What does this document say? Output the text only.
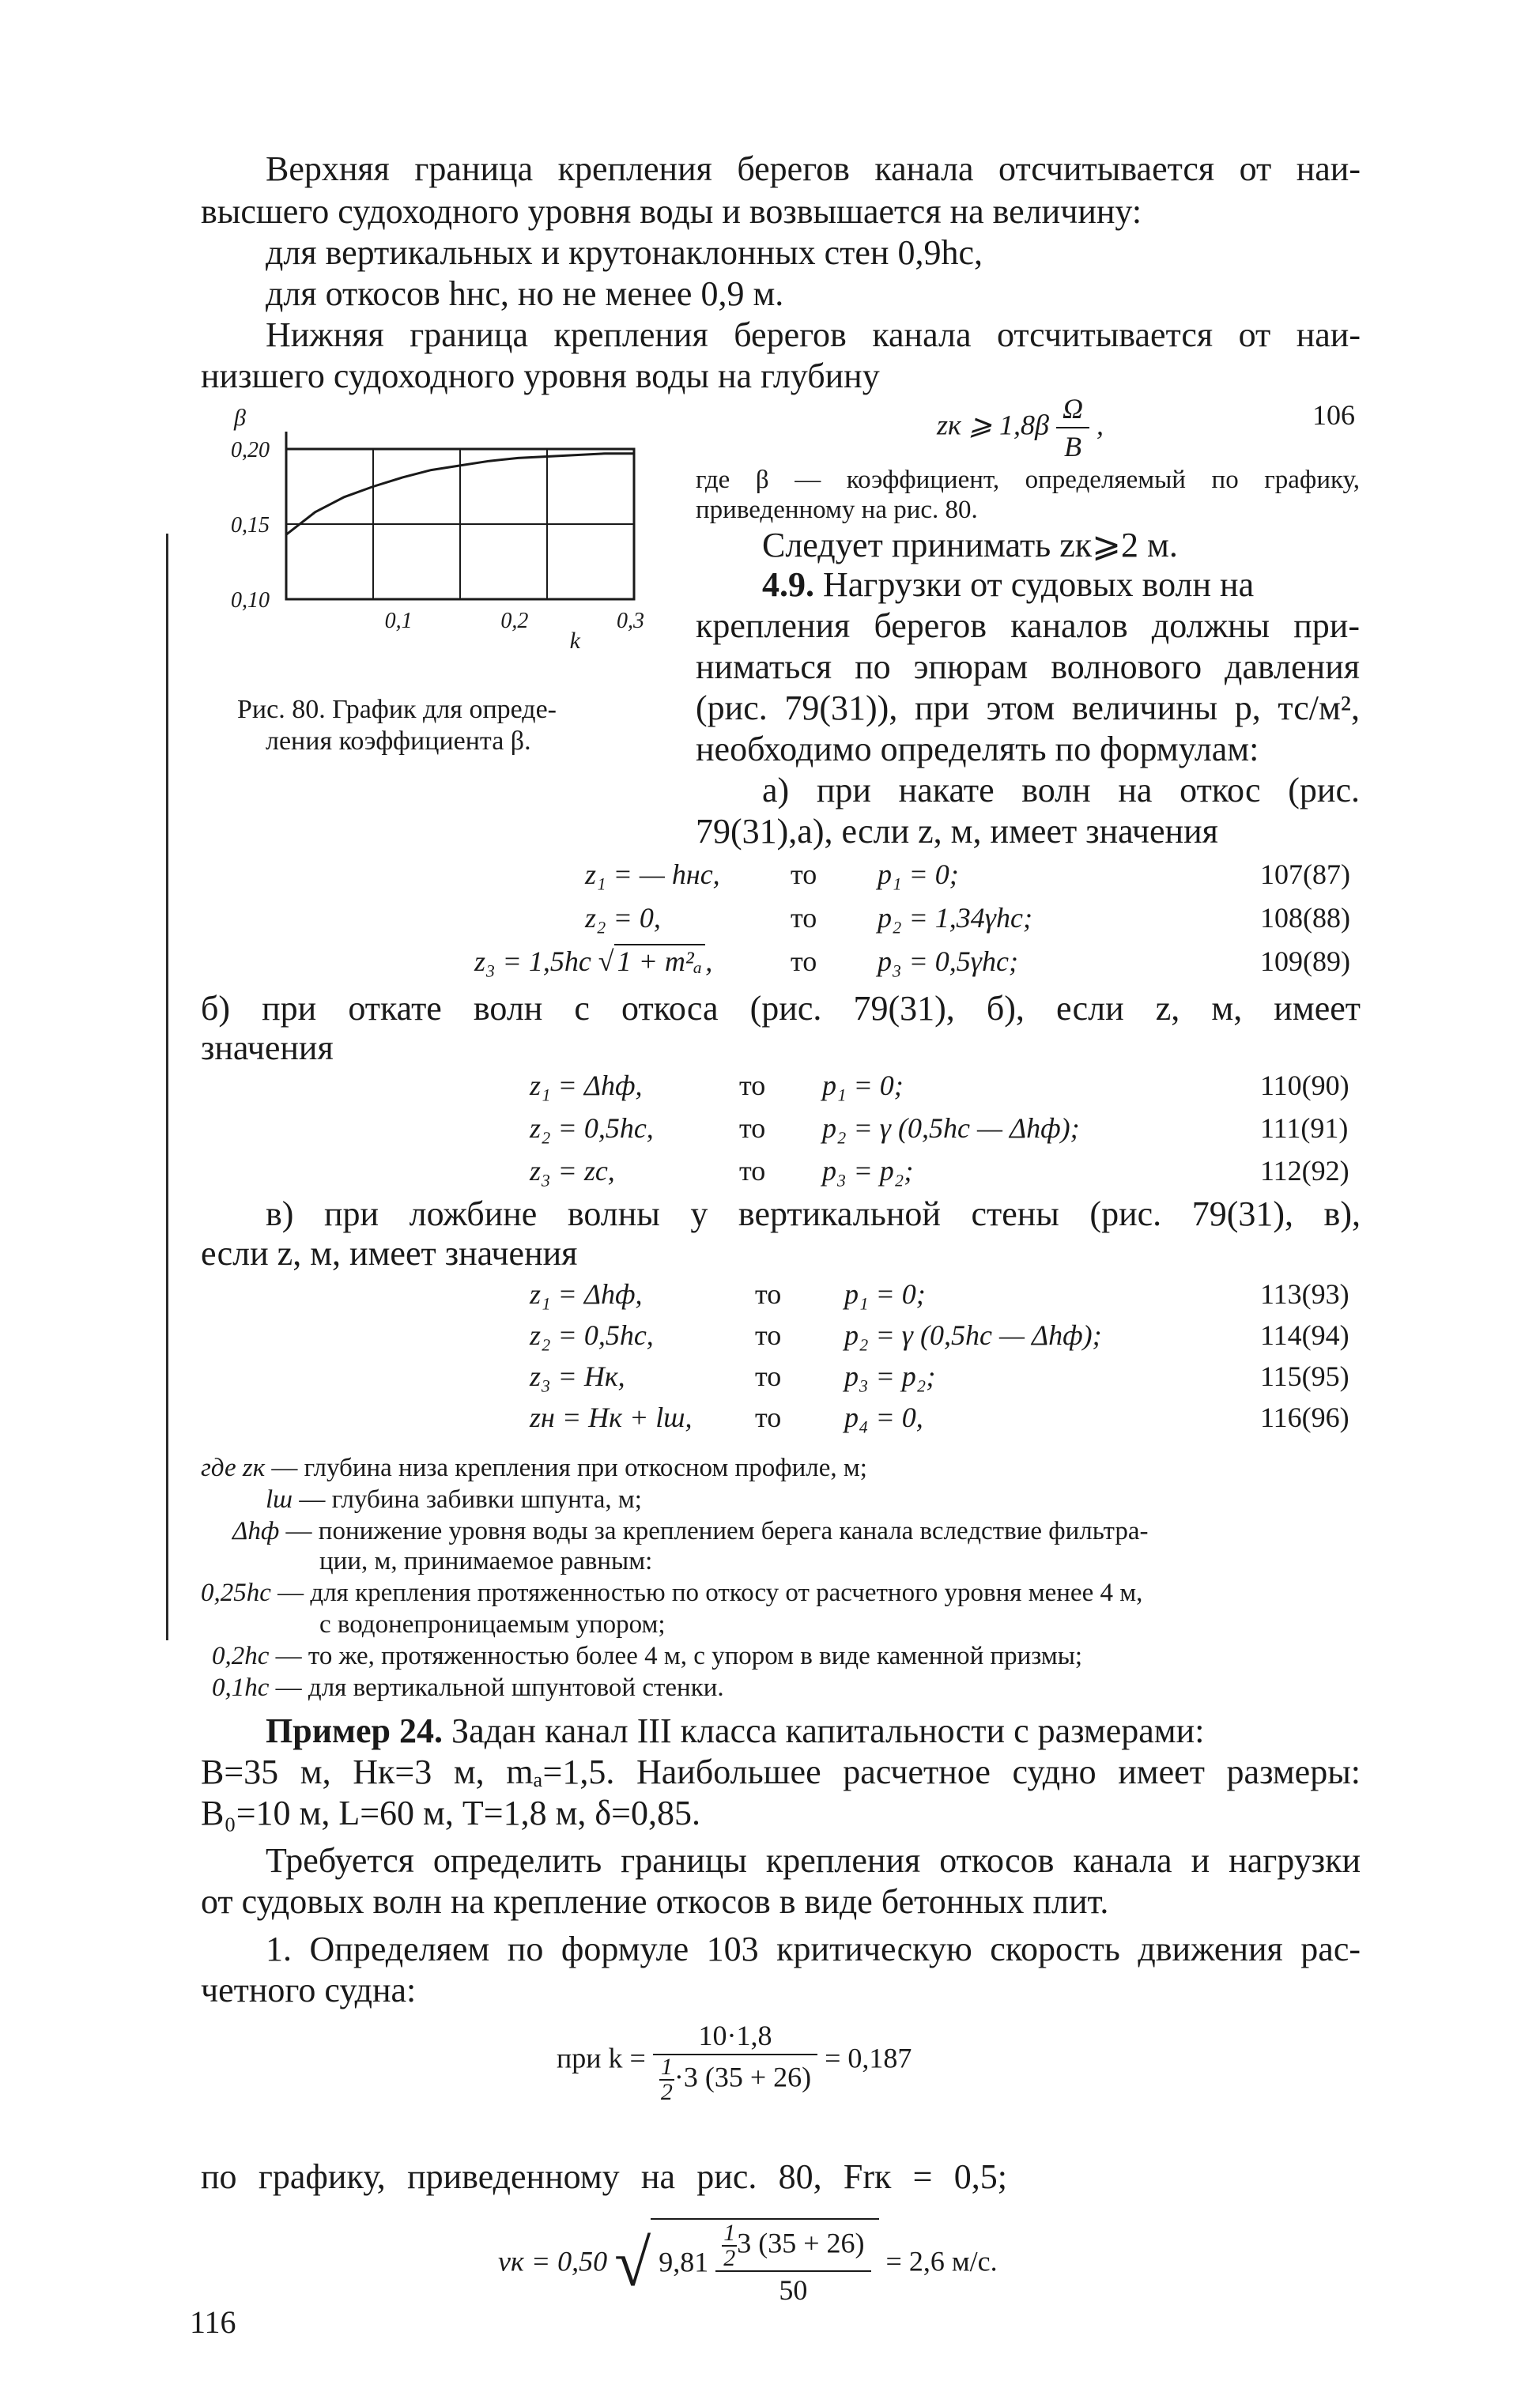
Верхняя граница крепления берегов канала отсчитывается от наи-

высшего судоходного уровня воды и возвышается на величину:

для вертикальных и крутонаклонных стен 0,9hс,

для откосов hнс, но не менее 0,9 м.

Нижняя граница крепления берегов канала отсчитывается от наи-

низшего судоходного уровня воды на глубину

0,20
0,15
0,10
β
0,1	0,2	0,3
k

Рис. 80. График для опреде-

ления коэффициента β.

zк ⩾ $1,8\beta \frac{\Omega}{B}$ ,	106

где β — коэффициент, определяемый по графику,

приведенному на рис. 80.

Следует принимать zк⩾2 м.

4.9. Нагрузки от судовых волн на

крепления берегов каналов должны при-

ниматься по эпюрам волнового давления

(рис. 79(31)), при этом величины p, тс/м²,

необходимо определять по формулам:

а) при накате волн на откос (рис.

79(31),а), если z, м, имеет значения

z₁ = — hнс, то p₁ = 0;	107(87)
z₂ = 0,	то p₂ = 1,34γhс;	108(88)
z₃ = 1,5hс √ 1 + m²ₐ ,	то p₃ = 0,5γhс;	109(89)

б) при откате волн с откоса (рис. 79(31), б), если z, м, имеет

значения

z₁ = Δhф,	то p₁ = 0;	110(90)
z₂ = 0,5hс,	то p₂ = γ (0,5hс — Δhф);	111(91)
z₃ = zс,	то p₃ = p₂;	112(92)

в) при ложбине волны у вертикальной стены (рис. 79(31), в),

если z, м, имеет значения

z₁ = Δhф,	то p₁ = 0;	113(93)
z₂ = 0,5hс,	то p₂ = γ (0,5hс — Δhф);	114(94)
z₃ = Hк,	то p₃ = p₂;	115(95)
zн = Hк + lш, то p₄ = 0,	116(96)
где zк — глубина низа крепления при откосном профиле, м;
lш — глубина забивки шпунта, м;
Δhф — понижение уровня воды за креплением берега канала вследствие фильтра-
ции, м, принимаемое равным:
0,25hс — для крепления протяженностью по откосу от расчетного уровня менее 4 м,
с водонепроницаемым упором;
0,2hс — то же, протяженностью более 4 м, с упором в виде каменной призмы;
0,1hс — для вертикальной шпунтовой стенки.

Пример 24. Задан канал III класса капитальности с размерами:

B=35 м, Hк=3 м, mₐ=1,5. Наибольшее расчетное судно имеет размеры:

B₀=10 м, L=60 м, T=1,8 м, δ=0,85.

Требуется определить границы крепления откосов канала и нагрузки

от судовых волн на крепление откосов в виде бетонных плит.

1. Определяем по формуле 103 критическую скорость движения рас-

четного судна:

при $k = \frac{10\cdot 1,8}{\frac{1}{2} \cdot 3 (35 + 26)} = 0,187$

по графику, приведенному на рис. 80, Frк = 0,5;

vк = 0,50 √ $9,81 \frac{\frac{1}{2} 3 (35 + 26)}{50} = 2,6$ м/с.

116
